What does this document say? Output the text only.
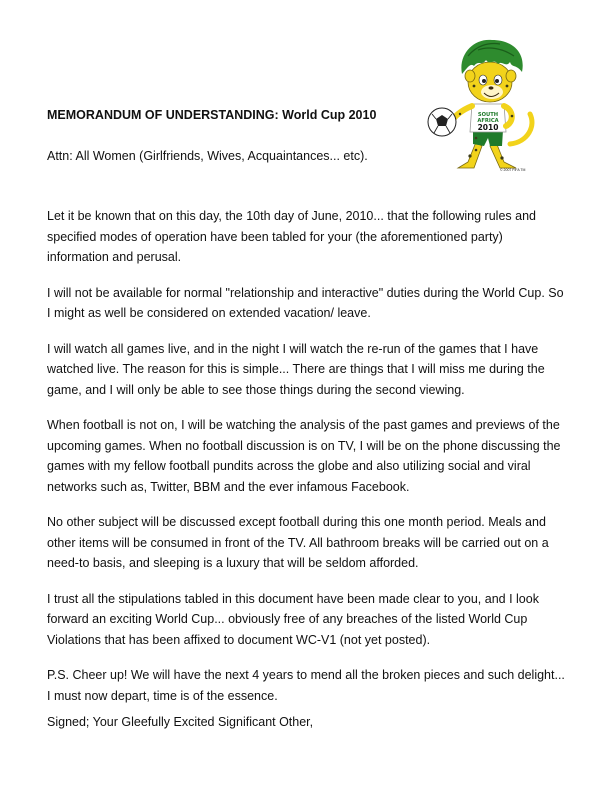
SOUTH
AFRICA
2010
© 2007 FIFA TM

MEMORANDUM OF UNDERSTANDING: World Cup 2010

Attn: All Women (Girlfriends, Wives, Acquaintances... etc).

Let it be known that on this day, the 10th day of June, 2010... that the following rules and specified modes of operation have been tabled for your (the aforementioned party) information and perusal.

I will not be available for normal "relationship and interactive" duties during the World Cup. So I might as well be considered on extended vacation/ leave.

I will watch all games live, and in the night I will watch the re-run of the games that I have watched live. The reason for this is simple... There are things that I will miss me during the game, and I will only be able to see those things during the second viewing.

When football is not on, I will be watching the analysis of the past games and previews of the upcoming games. When no football discussion is on TV, I will be on the phone discussing the games with my fellow football pundits across the globe and also utilizing social and viral networks such as, Twitter, BBM and the ever infamous Facebook.

No other subject will be discussed except football during this one month period. Meals and other items will be consumed in front of the TV. All bathroom breaks will be carried out on a need-to basis, and sleeping is a luxury that will be seldom afforded.

I trust all the stipulations tabled in this document have been made clear to you, and I look forward an exciting World Cup... obviously free of any breaches of the listed World Cup Violations that has been affixed to document WC-V1 (not yet posted).

P.S. Cheer up! We will have the next 4 years to mend all the broken pieces and such delight... I must now depart, time is of the essence.

Signed; Your Gleefully Excited Significant Other,
